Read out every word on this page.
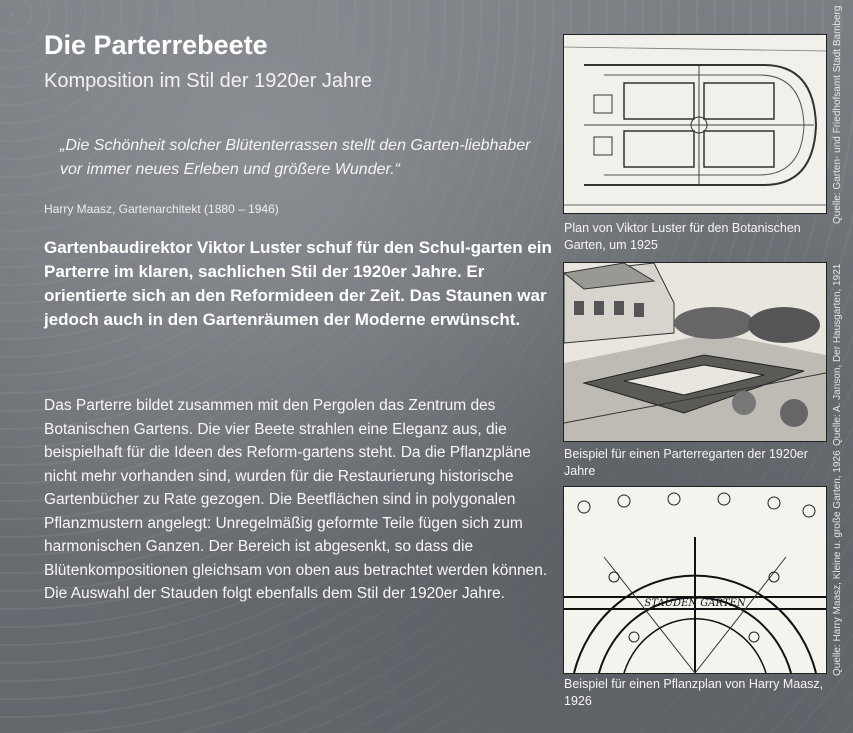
Die Parterrebeete
Komposition im Stil der 1920er Jahre
„Die Schönheit solcher Blütenterrassen stellt den Garten-liebhaber vor immer neues Erleben und größere Wunder.“
Harry Maasz, Gartenarchitekt (1880 – 1946)
Gartenbaudirektor Viktor Luster schuf für den Schul-garten ein Parterre im klaren, sachlichen Stil der 1920er Jahre. Er orientierte sich an den Reformideen der Zeit. Das Staunen war jedoch auch in den Gartenräumen der Moderne erwünscht.
Das Parterre bildet zusammen mit den Pergolen das Zentrum des Botanischen Gartens. Die vier Beete strahlen eine Eleganz aus, die beispielhaft für die Ideen des Reform-gartens steht. Da die Pflanzpläne nicht mehr vorhanden sind, wurden für die Restaurierung historische Gartenbücher zu Rate gezogen. Die Beetflächen sind in polygonalen Pflanzmustern angelegt: Unregelmäßig geformte Teile fügen sich zum harmonischen Ganzen. Der Bereich ist abgesenkt, so dass die Blütenkompositionen gleichsam von oben aus betrachtet werden können. Die Auswahl der Stauden folgt ebenfalls dem Stil der 1920er Jahre.
Plan von Viktor Luster für den Botanischen Garten, um 1925
Quelle: Garten- und Friedhofsamt Stadt Bamberg
Beispiel für einen Parterregarten der 1920er Jahre
Quelle: A. Janson, Der Hausgarten, 1921
STAUDEN GARTEN
Beispiel für einen Pflanzplan von Harry Maasz, 1926
Quelle: Harry Maasz, Kleine u. große Garten, 1926
